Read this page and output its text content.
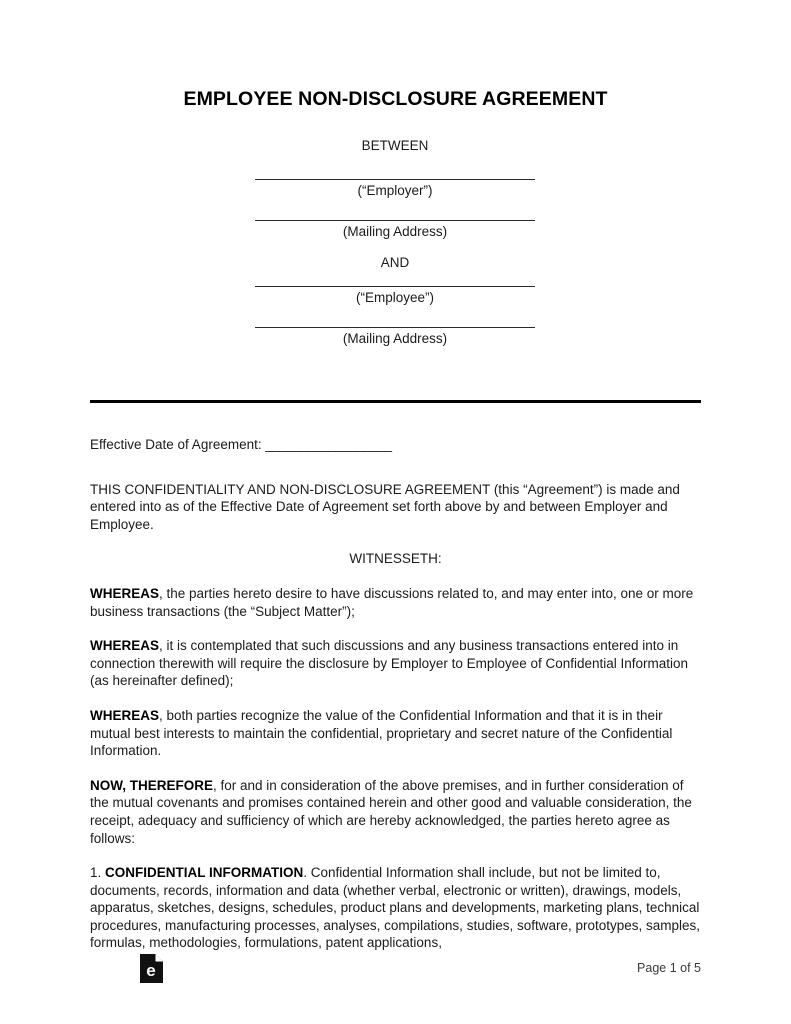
EMPLOYEE NON-DISCLOSURE AGREEMENT
BETWEEN
(“Employer”)
(Mailing Address)
AND
(“Employee”)
(Mailing Address)
Effective Date of Agreement: __________________

THIS CONFIDENTIALITY AND NON-DISCLOSURE AGREEMENT (this “Agreement”) is made and entered into as of the Effective Date of Agreement set forth above by and between Employer and Employee.

WITNESSETH:

WHEREAS, the parties hereto desire to have discussions related to, and may enter into, one or more business transactions (the “Subject Matter”);

WHEREAS, it is contemplated that such discussions and any business transactions entered into in connection therewith will require the disclosure by Employer to Employee of Confidential Information (as hereinafter defined);

WHEREAS, both parties recognize the value of the Confidential Information and that it is in their mutual best interests to maintain the confidential, proprietary and secret nature of the Confidential Information.

NOW, THEREFORE, for and in consideration of the above premises, and in further consideration of the mutual covenants and promises contained herein and other good and valuable consideration, the receipt, adequacy and sufficiency of which are hereby acknowledged, the parties hereto agree as follows:

1. CONFIDENTIAL INFORMATION. Confidential Information shall include, but not be limited to, documents, records, information and data (whether verbal, electronic or written), drawings, models, apparatus, sketches, designs, schedules, product plans and developments, marketing plans, technical procedures, manufacturing processes, analyses, compilations, studies, software, prototypes, samples, formulas, methodologies, formulations, patent applications,

e	Page 1 of 5
